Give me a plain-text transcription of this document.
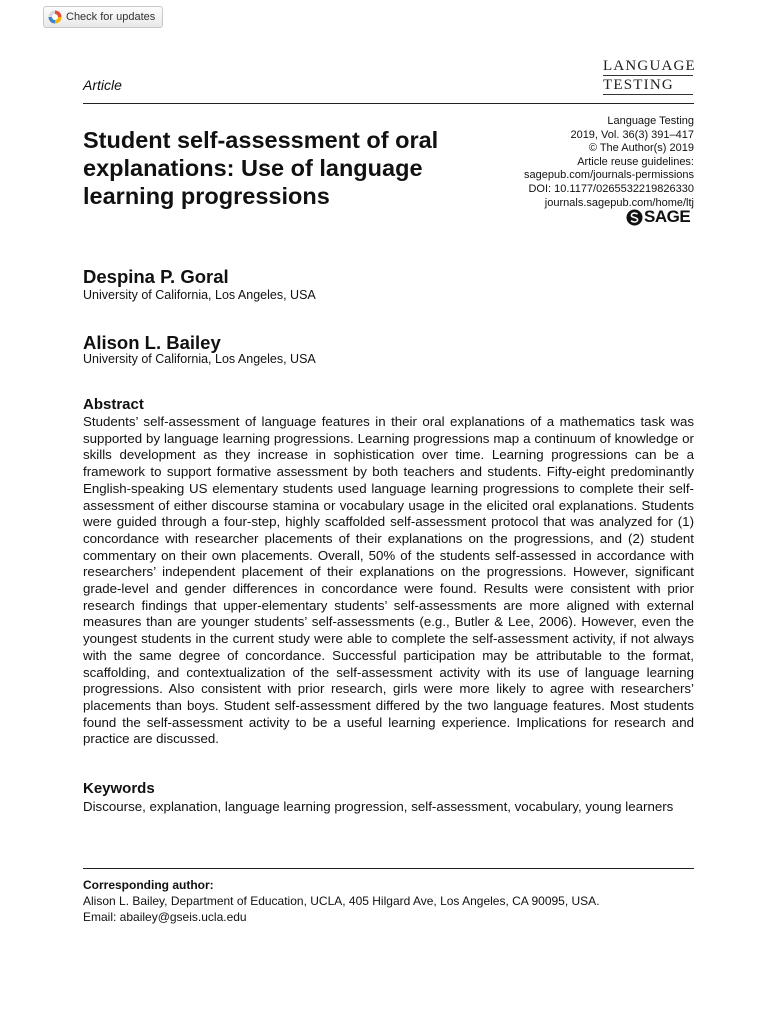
Check for updates
Article
LANGUAGE
TESTING
Student self-assessment of oral explanations: Use of language learning progressions
Language Testing
2019, Vol. 36(3) 391–417
© The Author(s) 2019
Article reuse guidelines:
sagepub.com/journals-permissions
DOI: 10.1177/0265532219826330
journals.sagepub.com/home/ltj
SAGE
Despina P. Goral
University of California, Los Angeles, USA
Alison L. Bailey
University of California, Los Angeles, USA
Abstract
Students’ self-assessment of language features in their oral explanations of a mathematics task was supported by language learning progressions. Learning progressions map a continuum of knowledge or skills development as they increase in sophistication over time. Learning progressions can be a framework to support formative assessment by both teachers and students. Fifty-eight predominantly English-speaking US elementary students used language learning progressions to complete their self-assessment of either discourse stamina or vocabulary usage in the elicited oral explanations. Students were guided through a four-step, highly scaffolded self-assessment protocol that was analyzed for (1) concordance with researcher placements of their explanations on the progressions, and (2) student commentary on their own placements. Overall, 50% of the students self-assessed in accordance with researchers’ independent placement of their explanations on the progressions. However, significant grade-level and gender differences in concordance were found. Results were consistent with prior research findings that upper-elementary students’ self-assessments are more aligned with external measures than are younger students’ self-assessments (e.g., Butler & Lee, 2006). However, even the youngest students in the current study were able to complete the self-assessment activity, if not always with the same degree of concordance. Successful participation may be attributable to the format, scaffolding, and contextualization of the self-assessment activity with its use of language learning progressions. Also consistent with prior research, girls were more likely to agree with researchers’ placements than boys. Student self-assessment differed by the two language features. Most students found the self-assessment activity to be a useful learning experience. Implications for research and practice are discussed.
Keywords
Discourse, explanation, language learning progression, self-assessment, vocabulary, young learners
Corresponding author:
Alison L. Bailey, Department of Education, UCLA, 405 Hilgard Ave, Los Angeles, CA 90095, USA.
Email: abailey@gseis.ucla.edu
